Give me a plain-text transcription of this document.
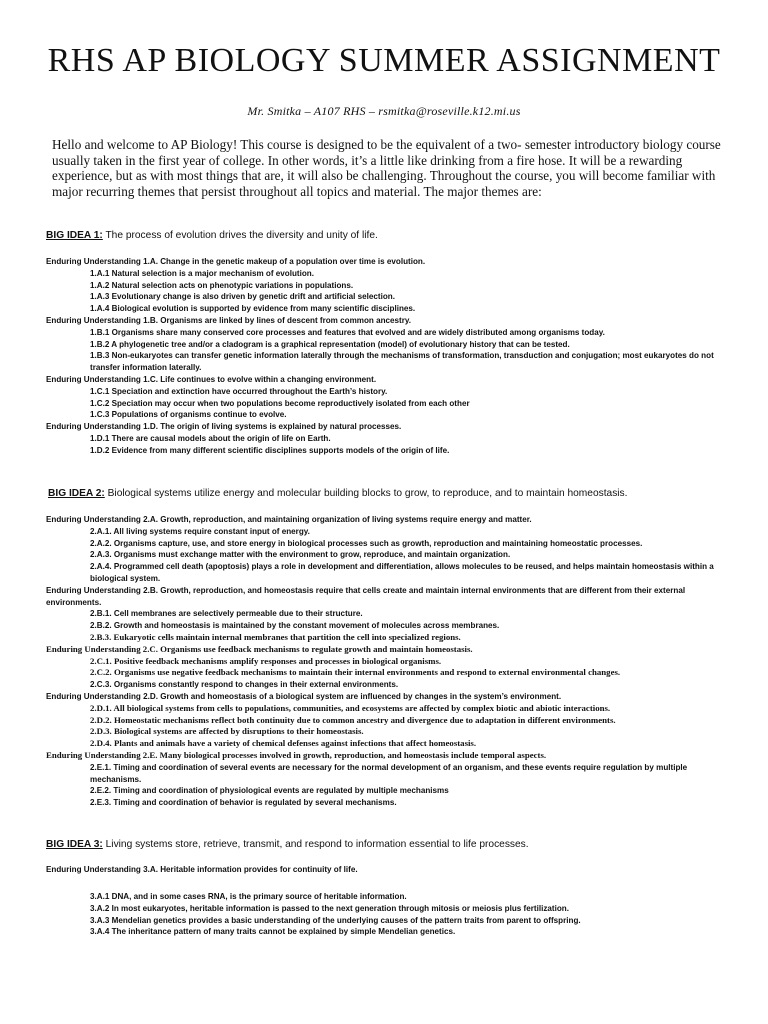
RHS AP BIOLOGY SUMMER ASSIGNMENT
Mr. Smitka – A107 RHS – rsmitka@roseville.k12.mi.us
Hello and welcome to AP Biology! This course is designed to be the equivalent of a two- semester introductory biology course usually taken in the first year of college. In other words, it’s a little like drinking from a fire hose. It will be a rewarding experience, but as with most things that are, it will also be challenging. Throughout the course, you will become familiar with major recurring themes that persist throughout all topics and material. The major themes are:
BIG IDEA 1: The process of evolution drives the diversity and unity of life.
Enduring Understanding 1.A. Change in the genetic makeup of a population over time is evolution.
1.A.1 Natural selection is a major mechanism of evolution.
1.A.2 Natural selection acts on phenotypic variations in populations.
1.A.3 Evolutionary change is also driven by genetic drift and artificial selection.
1.A.4 Biological evolution is supported by evidence from many scientific disciplines.
Enduring Understanding 1.B. Organisms are linked by lines of descent from common ancestry.
1.B.1 Organisms share many conserved core processes and features that evolved and are widely distributed among organisms today.
1.B.2 A phylogenetic tree and/or a cladogram is a graphical representation (model) of evolutionary history that can be tested.
1.B.3 Non-eukaryotes can transfer genetic information laterally through the mechanisms of transformation, transduction and conjugation; most eukaryotes do not transfer information laterally.
Enduring Understanding 1.C. Life continues to evolve within a changing environment.
1.C.1 Speciation and extinction have occurred throughout the Earth’s history.
1.C.2 Speciation may occur when two populations become reproductively isolated from each other
1.C.3 Populations of organisms continue to evolve.
Enduring Understanding 1.D. The origin of living systems is explained by natural processes.
1.D.1 There are causal models about the origin of life on Earth.
1.D.2 Evidence from many different scientific disciplines supports models of the origin of life.
BIG IDEA 2: Biological systems utilize energy and molecular building blocks to grow, to reproduce, and to maintain homeostasis.
Enduring Understanding 2.A. Growth, reproduction, and maintaining organization of living systems require energy and matter.
2.A.1. All living systems require constant input of energy.
2.A.2. Organisms capture, use, and store energy in biological processes such as growth, reproduction and maintaining homeostatic processes.
2.A.3. Organisms must exchange matter with the environment to grow, reproduce, and maintain organization.
2.A.4. Programmed cell death (apoptosis) plays a role in development and differentiation, allows molecules to be reused, and helps maintain homeostasis within a biological system.
Enduring Understanding 2.B. Growth, reproduction, and homeostasis require that cells create and maintain internal environments that are different from their external environments.
2.B.1. Cell membranes are selectively permeable due to their structure.
2.B.2. Growth and homeostasis is maintained by the constant movement of molecules across membranes.
2.B.3. Eukaryotic cells maintain internal membranes that partition the cell into specialized regions.
Enduring Understanding 2.C. Organisms use feedback mechanisms to regulate growth and maintain homeostasis.
2.C.1. Positive feedback mechanisms amplify responses and processes in biological organisms.
2.C.2. Organisms use negative feedback mechanisms to maintain their internal environments and respond to external environmental changes.
2.C.3. Organisms constantly respond to changes in their external environments.
Enduring Understanding 2.D. Growth and homeostasis of a biological system are influenced by changes in the system’s environment.
2.D.1. All biological systems from cells to populations, communities, and ecosystems are affected by complex biotic and abiotic interactions.
2.D.2. Homeostatic mechanisms reflect both continuity due to common ancestry and divergence due to adaptation in different environments.
2.D.3. Biological systems are affected by disruptions to their homeostasis.
2.D.4. Plants and animals have a variety of chemical defenses against infections that affect homeostasis.
Enduring Understanding 2.E. Many biological processes involved in growth, reproduction, and homeostasis include temporal aspects.
2.E.1. Timing and coordination of several events are necessary for the normal development of an organism, and these events require regulation by multiple mechanisms.
2.E.2. Timing and coordination of physiological events are regulated by multiple mechanisms
2.E.3. Timing and coordination of behavior is regulated by several mechanisms.
BIG IDEA 3: Living systems store, retrieve, transmit, and respond to information essential to life processes.
Enduring Understanding 3.A. Heritable information provides for continuity of life.
3.A.1 DNA, and in some cases RNA, is the primary source of heritable information.
3.A.2 In most eukaryotes, heritable information is passed to the next generation through mitosis or meiosis plus fertilization.
3.A.3 Mendelian genetics provides a basic understanding of the underlying causes of the pattern traits from parent to offspring.
3.A.4 The inheritance pattern of many traits cannot be explained by simple Mendelian genetics.
